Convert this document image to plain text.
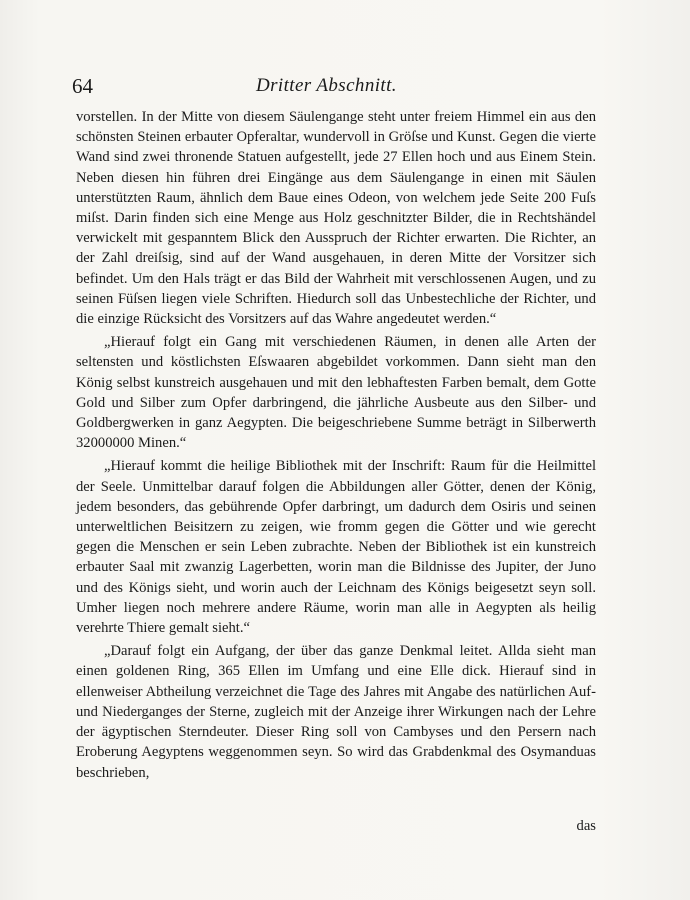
64	Dritter Abschnitt.

vorstellen. In der Mitte von diesem Säulengange steht unter freiem Himmel ein aus den schönsten Steinen erbauter Opferaltar, wundervoll in Gröſse und Kunst. Gegen die vierte Wand sind zwei thronende Statuen aufgestellt, jede 27 Ellen hoch und aus Einem Stein. Neben diesen hin führen drei Eingänge aus dem Säulengange in einen mit Säulen unterstützten Raum, ähnlich dem Baue eines Odeon, von welchem jede Seite 200 Fuſs miſst. Darin finden sich eine Menge aus Holz geschnitzter Bilder, die in Rechtshändel verwickelt mit gespanntem Blick den Ausspruch der Richter erwarten. Die Richter, an der Zahl dreiſsig, sind auf der Wand ausgehauen, in deren Mitte der Vorsitzer sich befindet. Um den Hals trägt er das Bild der Wahrheit mit verschlossenen Augen, und zu seinen Füſsen liegen viele Schriften. Hiedurch soll das Unbestechliche der Richter, und die einzige Rücksicht des Vorsitzers auf das Wahre angedeutet werden.“

„Hierauf folgt ein Gang mit verschiedenen Räumen, in denen alle Arten der seltensten und köstlichsten Eſswaaren abgebildet vorkommen. Dann sieht man den König selbst kunstreich ausgehauen und mit den lebhaftesten Farben bemalt, dem Gotte Gold und Silber zum Opfer darbringend, die jährliche Ausbeute aus den Silber- und Goldbergwerken in ganz Aegypten. Die beigeschriebene Summe beträgt in Silberwerth 32000000 Minen.“

„Hierauf kommt die heilige Bibliothek mit der Inschrift: Raum für die Heilmittel der Seele. Unmittelbar darauf folgen die Abbildungen aller Götter, denen der König, jedem besonders, das gebührende Opfer darbringt, um dadurch dem Osiris und seinen unterweltlichen Beisitzern zu zeigen, wie fromm gegen die Götter und wie gerecht gegen die Menschen er sein Leben zubrachte. Neben der Bibliothek ist ein kunstreich erbauter Saal mit zwanzig Lagerbetten, worin man die Bildnisse des Jupiter, der Juno und des Königs sieht, und worin auch der Leichnam des Königs beigesetzt seyn soll. Umher liegen noch mehrere andere Räume, worin man alle in Aegypten als heilig verehrte Thiere gemalt sieht.“

„Darauf folgt ein Aufgang, der über das ganze Denkmal leitet. Allda sieht man einen goldenen Ring, 365 Ellen im Umfang und eine Elle dick. Hierauf sind in ellenweiser Abtheilung verzeichnet die Tage des Jahres mit Angabe des natürlichen Auf- und Niederganges der Sterne, zugleich mit der Anzeige ihrer Wirkungen nach der Lehre der ägyptischen Sterndeuter. Dieser Ring soll von Cambyses und den Persern nach Eroberung Aegyptens weggenommen seyn. So wird das Grabdenkmal des Osymanduas beschrieben,

das
